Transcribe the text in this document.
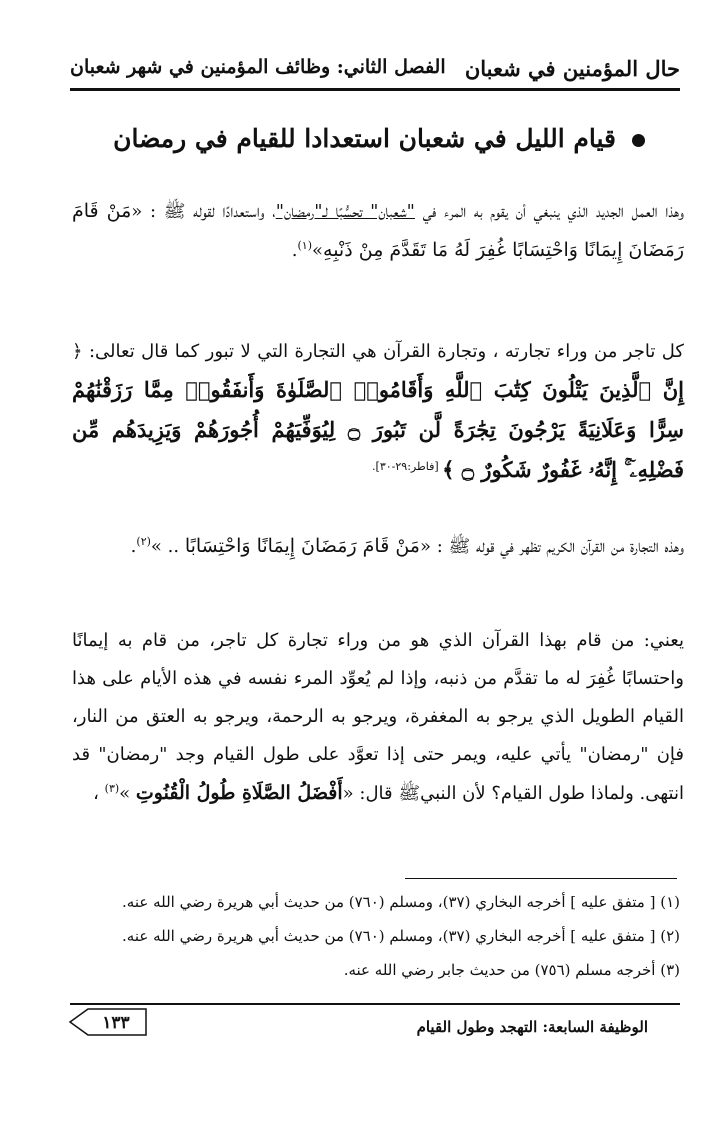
حال المؤمنين في شعبان
الفصل الثاني: وظائف المؤمنين في شهر شعبان
قيام الليل في شعبان استعدادا للقيام في رمضان
وهذا العمل الجديد الذي ينبغي أن يقوم به المرء في "شعبان" تحسُّبًا لـ"رمضان"، واستعدادًا لقوله ﷺ : «مَنْ قَامَ رَمَضَانَ إِيمَانًا وَاحْتِسَابًا غُفِرَ لَهُ مَا تَقَدَّمَ مِنْ ذَنْبِهِ»$^{(١)}$.
كل تاجر من وراء تجارته ، وتجارة القرآن هي التجارة التي لا تبور كما قال تعالى: ﴿ إِنَّ ٱلَّذِينَ يَتْلُونَ كِتَٰبَ ٱللَّهِ وَأَقَامُوا۟ ٱلصَّلَوٰةَ وَأَنفَقُوا۟ مِمَّا رَزَقْنَٰهُمْ سِرًّا وَعَلَانِيَةً يَرْجُونَ تِجَٰرَةً لَّن تَبُورَ ۝ لِيُوَفِّيَهُمْ أُجُورَهُمْ وَيَزِيدَهُم مِّن فَضْلِهِۦٓ ۚ إِنَّهُۥ غَفُورٌ شَكُورٌ ۝ ﴾ $^{[فاطر:٢٩-٣٠].}$
وهذه التجارة من القرآن الكريم تظهر في قوله ﷺ : «مَنْ قَامَ رَمَضَانَ إِيمَانًا وَاحْتِسَابًا .. »$^{(٢)}$.
يعني: من قام بهذا القرآن الذي هو من وراء تجارة كل تاجر، من قام به إيمانًا واحتسابًا غُفِرَ له ما تقدَّم من ذنبه، وإذا لم يُعوِّد المرء نفسه في هذه الأيام على هذا القيام الطويل الذي يرجو به المغفرة، ويرجو به الرحمة، ويرجو به العتق من النار، فإن "رمضان" يأتي عليه، ويمر حتى إذا تعوَّد على طول القيام وجد "رمضان" قد انتهى. ولماذا طول القيام؟ لأن النبيﷺ قال: «أَفْضَلُ الصَّلَاةِ طُولُ الْقُنُوتِ »$^{(٣)}$ ،
(١) [ متفق عليه ] أخرجه البخاري (٣٧)، ومسلم (٧٦٠) من حديث أبي هريرة رضي الله عنه.
(٢) [ متفق عليه ] أخرجه البخاري (٣٧)، ومسلم (٧٦٠) من حديث أبي هريرة رضي الله عنه.
(٣) أخرجه مسلم (٧٥٦) من حديث جابر رضي الله عنه.
الوظيفة السابعة: التهجد وطول القيام
١٣٣
